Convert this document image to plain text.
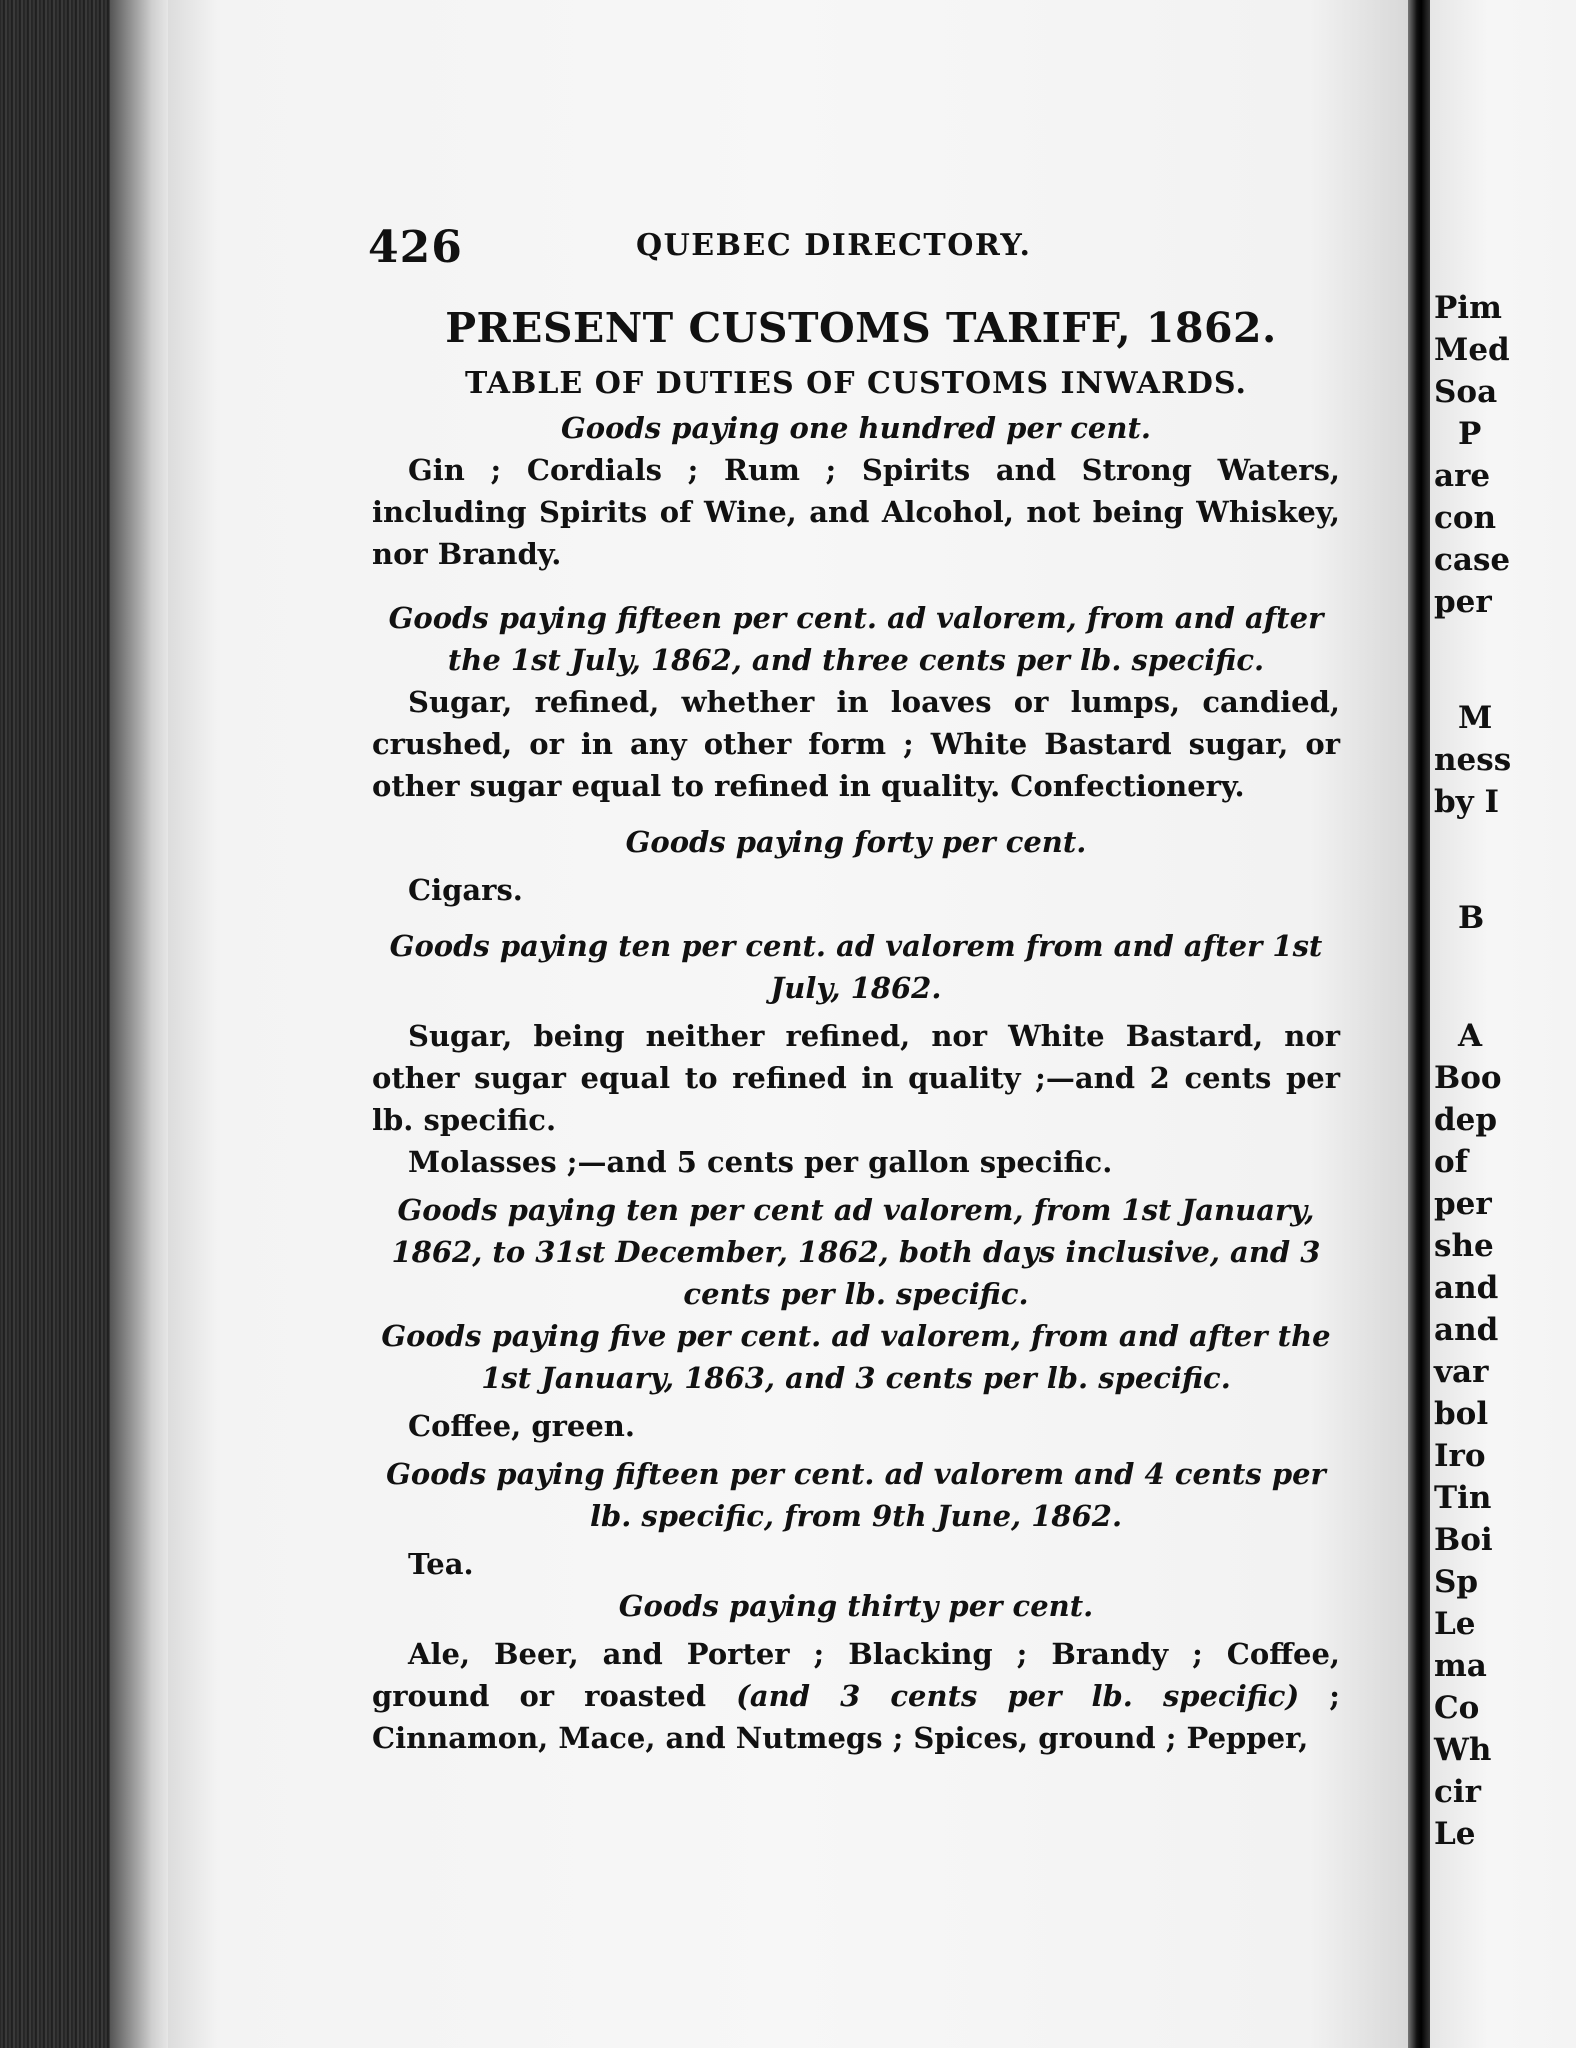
Pim
Med
Soa
P
are
con
case
per
M
ness
by I
B
A
Boo
dep
of
per
she
and
and
var
bol
Iro
Tin
Boi
Sp
Le
ma
Co
Wh
cir
Le
426	QUEBEC DIRECTORY.
PRESENT CUSTOMS TARIFF, 1862.
TABLE OF DUTIES OF CUSTOMS INWARDS.

Goods paying one hundred per cent.

Gin ; Cordials ; Rum ; Spirits and Strong Waters, including Spirits of Wine, and Alcohol, not being Whiskey, nor Brandy.

Goods paying fifteen per cent. ad valorem, from and after the 1st July, 1862, and three cents per lb. specific.

Sugar, refined, whether in loaves or lumps, candied, crushed, or in any other form ; White Bastard sugar, or other sugar equal to refined in quality. Confectionery.

Goods paying forty per cent.

Cigars.

Goods paying ten per cent. ad valorem from and after 1st July, 1862.

Sugar, being neither refined, nor White Bastard, nor other sugar equal to refined in quality ;—and 2 cents per lb. specific.

Molasses ;—and 5 cents per gallon specific.

Goods paying ten per cent ad valorem, from 1st January, 1862, to 31st December, 1862, both days inclusive, and 3 cents per lb. specific.

Goods paying five per cent. ad valorem, from and after the 1st January, 1863, and 3 cents per lb. specific.

Coffee, green.

Goods paying fifteen per cent. ad valorem and 4 cents per lb. specific, from 9th June, 1862.

Tea.

Goods paying thirty per cent.

Ale, Beer, and Porter ; Blacking ; Brandy ; Coffee, ground or roasted (and 3 cents per lb. specific) ; Cinnamon, Mace, and Nutmegs ; Spices, ground ; Pepper,
